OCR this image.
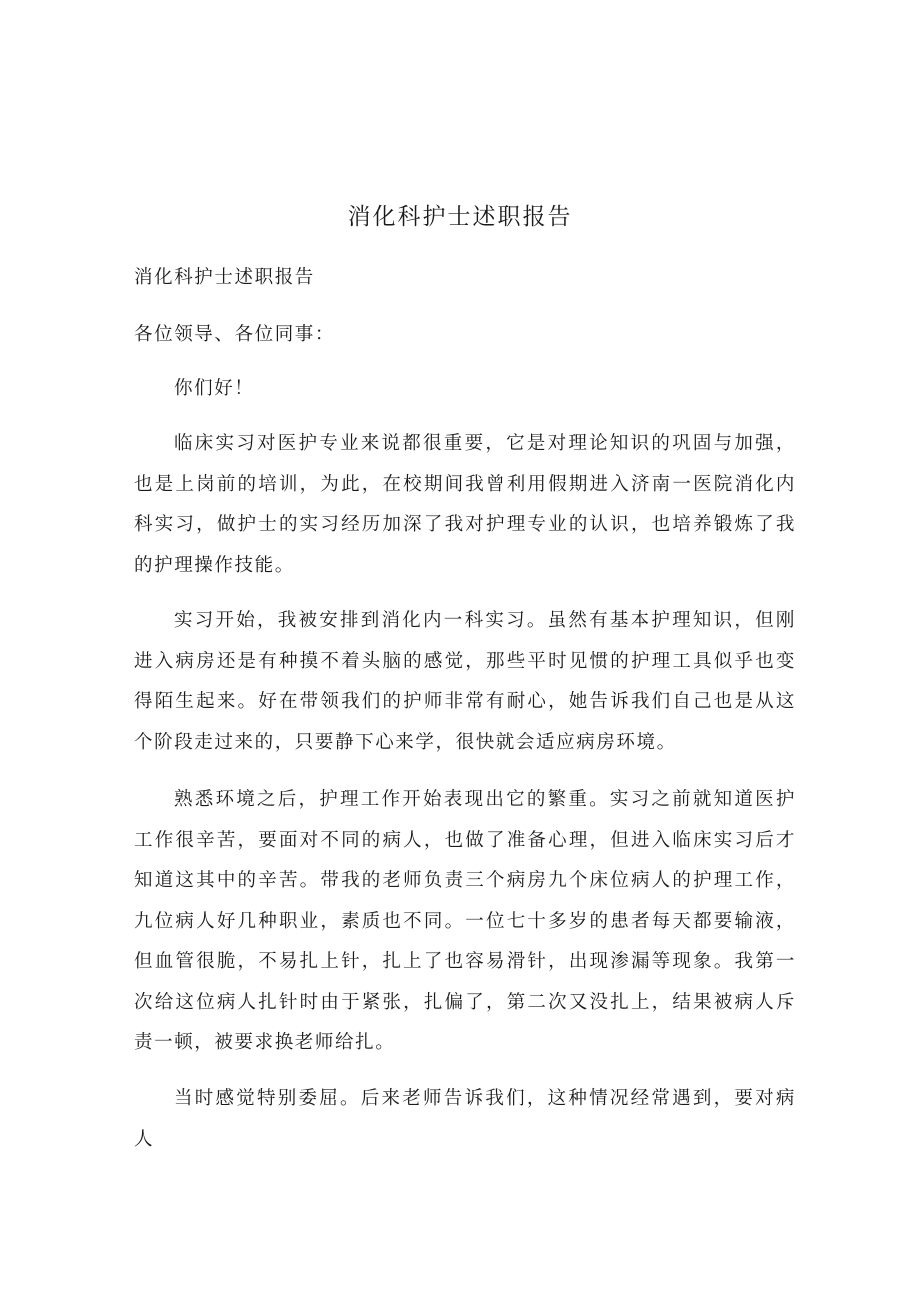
消化科护士述职报告
消化科护士述职报告
各位领导、各位同事：
你们好！

临床实习对医护专业来说都很重要，它是对理论知识的巩固与加强，也是上岗前的培训，为此，在校期间我曾利用假期进入济南一医院消化内科实习，做护士的实习经历加深了我对护理专业的认识，也培养锻炼了我的护理操作技能。

实习开始，我被安排到消化内一科实习。虽然有基本护理知识，但刚进入病房还是有种摸不着头脑的感觉，那些平时见惯的护理工具似乎也变得陌生起来。好在带领我们的护师非常有耐心，她告诉我们自己也是从这个阶段走过来的，只要静下心来学，很快就会适应病房环境。

熟悉环境之后，护理工作开始表现出它的繁重。实习之前就知道医护工作很辛苦，要面对不同的病人，也做了准备心理，但进入临床实习后才知道这其中的辛苦。带我的老师负责三个病房九个床位病人的护理工作，九位病人好几种职业，素质也不同。一位七十多岁的患者每天都要输液，但血管很脆，不易扎上针，扎上了也容易滑针，出现渗漏等现象。我第一次给这位病人扎针时由于紧张，扎偏了，第二次又没扎上，结果被病人斥责一顿，被要求换老师给扎。

当时感觉特别委屈。后来老师告诉我们，这种情况经常遇到，要对病人
